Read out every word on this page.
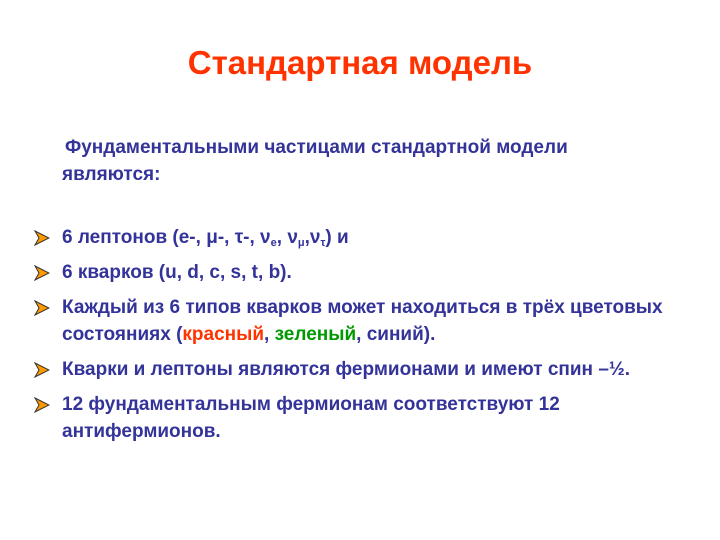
Стандартная модель
Фундаментальными частицами стандартной модели являются:
6 лептонов (e-, μ-, τ-, $\nu_e$, $\nu_\mu,\nu_\tau$) и
6 кварков (u, d, c, s, t, b).
Каждый из 6 типов кварков может находиться в трёх цветовых состояниях (красный, зеленый, синий).
Кварки и лептоны являются фермионами и имеют спин –½.
12 фундаментальным фермионам соответствуют 12 антифермионов.
